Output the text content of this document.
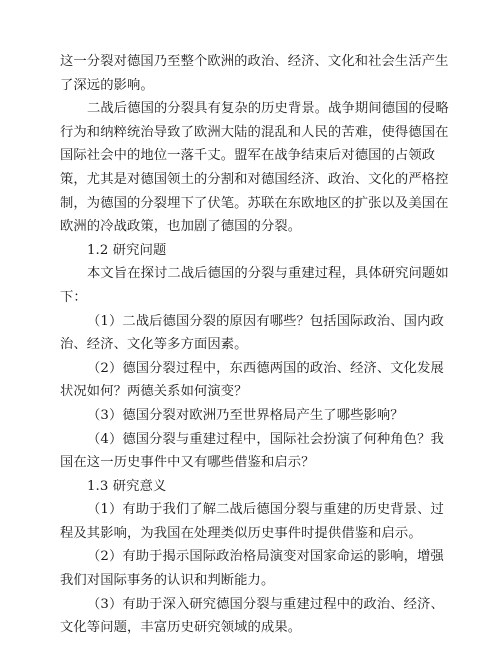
这一分裂对德国乃至整个欧洲的政治、经济、文化和社会生活产生了深远的影响。

二战后德国的分裂具有复杂的历史背景。战争期间德国的侵略行为和纳粹统治导致了欧洲大陆的混乱和人民的苦难，使得德国在国际社会中的地位一落千丈。盟军在战争结束后对德国的占领政策，尤其是对德国领土的分割和对德国经济、政治、文化的严格控制，为德国的分裂埋下了伏笔。苏联在东欧地区的扩张以及美国在欧洲的冷战政策，也加剧了德国的分裂。

1.2 研究问题

本文旨在探讨二战后德国的分裂与重建过程，具体研究问题如下：

（1）二战后德国分裂的原因有哪些？包括国际政治、国内政治、经济、文化等多方面因素。

（2）德国分裂过程中，东西德两国的政治、经济、文化发展状况如何？两德关系如何演变？

（3）德国分裂对欧洲乃至世界格局产生了哪些影响？

（4）德国分裂与重建过程中，国际社会扮演了何种角色？我国在这一历史事件中又有哪些借鉴和启示？

1.3 研究意义

（1）有助于我们了解二战后德国分裂与重建的历史背景、过程及其影响，为我国在处理类似历史事件时提供借鉴和启示。

（2）有助于揭示国际政治格局演变对国家命运的影响，增强我们对国际事务的认识和判断能力。

（3）有助于深入研究德国分裂与重建过程中的政治、经济、文化等问题，丰富历史研究领域的成果。
